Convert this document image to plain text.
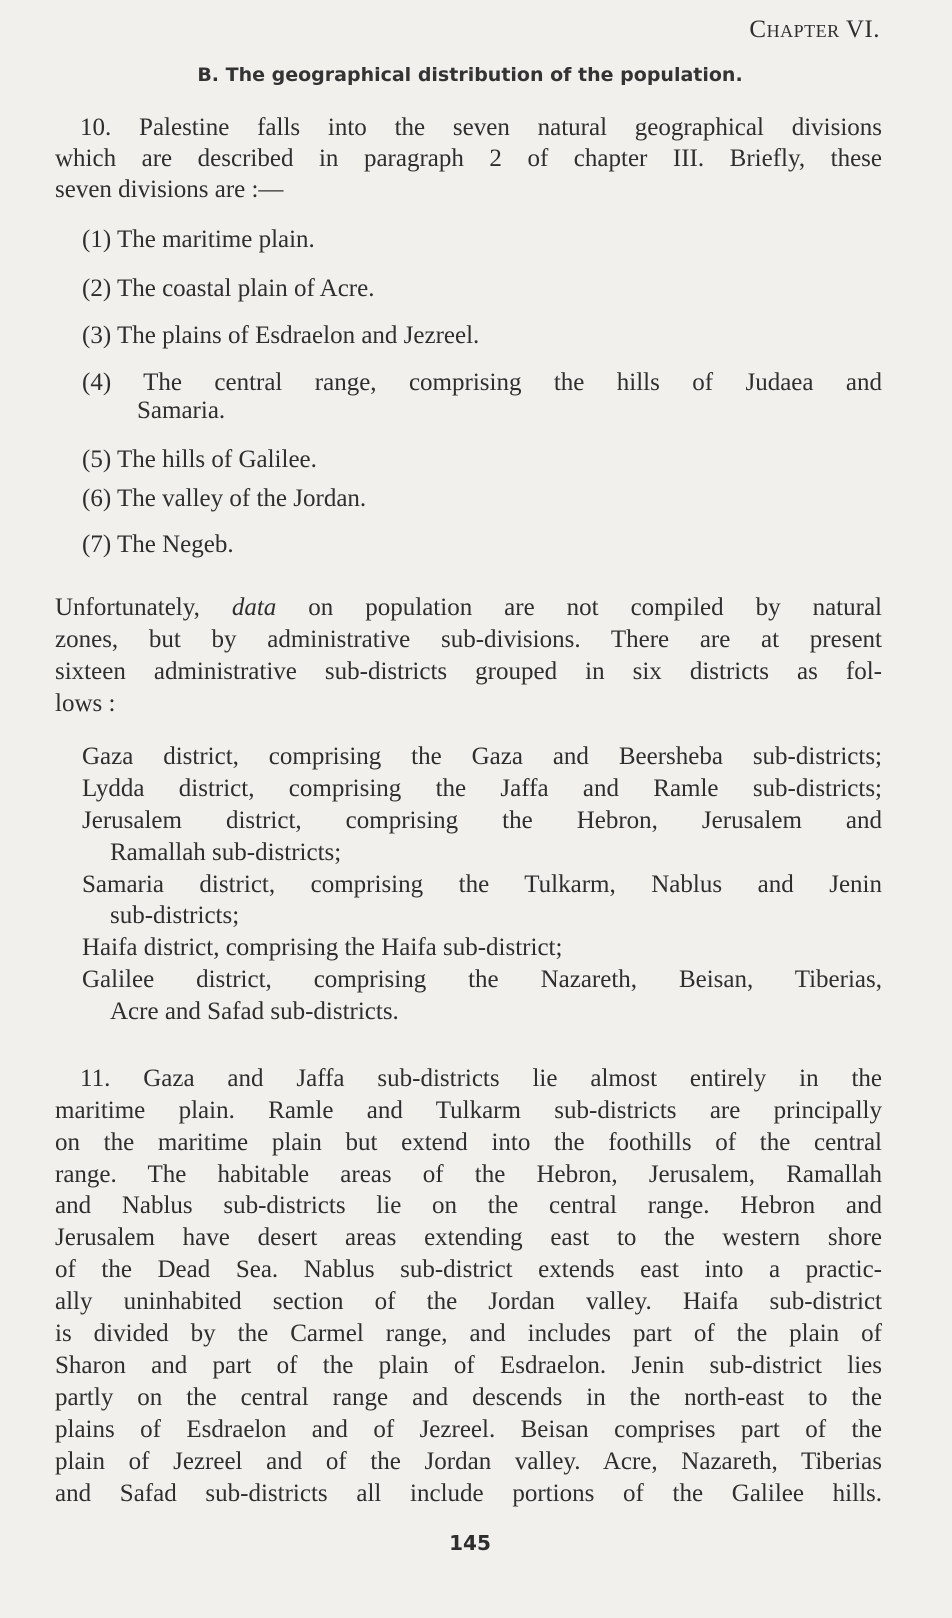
Chapter VI.
B. The geographical distribution of the population.
10. Palestine falls into the seven natural geographical divisions
which are described in paragraph 2 of chapter III. Briefly, these
seven divisions are :—
(1) The maritime plain.
(2) The coastal plain of Acre.
(3) The plains of Esdraelon and Jezreel.
(4) The central range, comprising the hills of Judaea and
Samaria.
(5) The hills of Galilee.
(6) The valley of the Jordan.
(7) The Negeb.
Unfortunately, data on population are not compiled by natural
zones, but by administrative sub-divisions. There are at present
sixteen administrative sub-districts grouped in six districts as fol-
lows :
Gaza district, comprising the Gaza and Beersheba sub-districts;
Lydda district, comprising the Jaffa and Ramle sub-districts;
Jerusalem district, comprising the Hebron, Jerusalem and
Ramallah sub-districts;
Samaria district, comprising the Tulkarm, Nablus and Jenin
sub-districts;
Haifa district, comprising the Haifa sub-district;
Galilee district, comprising the Nazareth, Beisan, Tiberias,
Acre and Safad sub-districts.
11. Gaza and Jaffa sub-districts lie almost entirely in the
maritime plain. Ramle and Tulkarm sub-districts are principally
on the maritime plain but extend into the foothills of the central
range. The habitable areas of the Hebron, Jerusalem, Ramallah
and Nablus sub-districts lie on the central range. Hebron and
Jerusalem have desert areas extending east to the western shore
of the Dead Sea. Nablus sub-district extends east into a practic-
ally uninhabited section of the Jordan valley. Haifa sub-district
is divided by the Carmel range, and includes part of the plain of
Sharon and part of the plain of Esdraelon. Jenin sub-district lies
partly on the central range and descends in the north-east to the
plains of Esdraelon and of Jezreel. Beisan comprises part of the
plain of Jezreel and of the Jordan valley. Acre, Nazareth, Tiberias
and Safad sub-districts all include portions of the Galilee hills.
145
